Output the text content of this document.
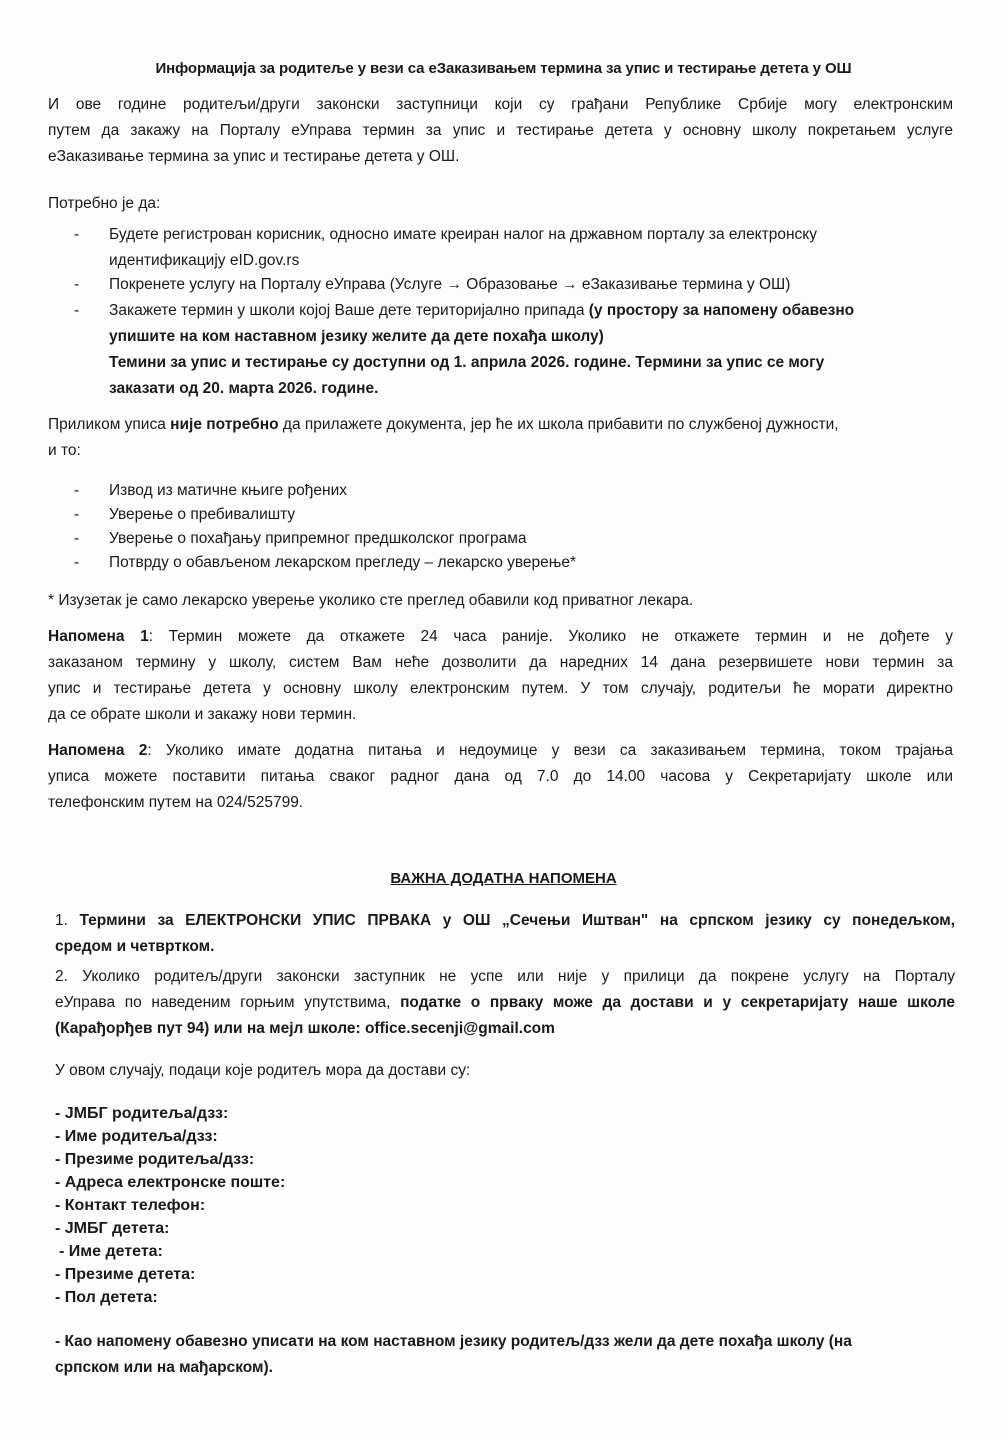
Информација за родитеље у вези са еЗаказивањем термина за упис и тестирање детета у ОШ
И ове године родитељи/други законски заступници који су грађани Републике Србије могу електронским
путем да закажу на Порталу еУправа термин за упис и тестирање детета у основну школу покретањем услуге
еЗаказивање термина за упис и тестирање детета у ОШ.
Потребно је да:
-	Будете регистрован корисник, односно имате креиран налог на државном порталу за електронску
идентификацију eID.gov.rs
-	Покренете услугу на Порталу еУправа (Услуге → Образовање → еЗаказивање термина у ОШ)
-	Закажете термин у школи којој Ваше дете територијално припада (у простору за напомену обавезно
упишите на ком наставном језику желите да дете похађа школу)
Темини за упис и тестирање су доступни од 1. априла 2026. године. Термини за упис се могу
заказати од 20. марта 2026. године.
Приликом уписа није потребно да прилажете документа, јер ће их школа прибавити по службеној дужности,
и то:
-	Извод из матичне књиге рођених
-	Уверење о пребивалишту
-	Уверење о похађању припремног предшколског програма
-	Потврду о обављеном лекарском прегледу – лекарско уверење*
* Изузетак је само лекарско уверење уколико сте преглед обавили код приватног лекара.
Напомена 1: Термин можете да откажете 24 часа раније. Уколико не откажете термин и не дођете у
заказаном термину у школу, систем Вам неће дозволити да наредних 14 дана резервишете нови термин за
упис и тестирање детета у основну школу електронским путем. У том случају, родитељи ће морати директно
да се обрате школи и закажу нови термин.
Напомена 2: Уколико имате додатна питања и недоумице у вези са заказивањем термина, током трајања
уписа можете поставити питања сваког радног дана од 7.0 до 14.00 часова у Секретаријату школе или
телефонским путем на 024/525799.
ВАЖНА ДОДАТНА НАПОМЕНА
1. Термини за ЕЛЕКТРОНСКИ УПИС ПРВАКА у ОШ „Сечењи Иштван" на српском језику су понедељком,
средом и четвртком.
2. Уколико родитељ/други законски заступник не успе или није у прилици да покрене услугу на Порталу
еУправа по наведеним горњим упутствима, податке о првaку може да достави и у секретаријату наше школе
(Карађорђев пут 94) или на мејл школе: office.secenji@gmail.com
У овом случају, подаци које родитељ мора да достави су:
- ЈМБГ родитеља/дзз:
- Име родитеља/дзз:
- Презиме родитеља/дзз:
- Адреса електронске поште:
- Контакт телефон:
- ЈМБГ детета:
- Име детета:
- Презиме детета:
- Пол детета:
- Као напомену обавезно уписати на ком наставном језику родитељ/дзз жели да дете похађа школу (на
српском или на мађарском).
